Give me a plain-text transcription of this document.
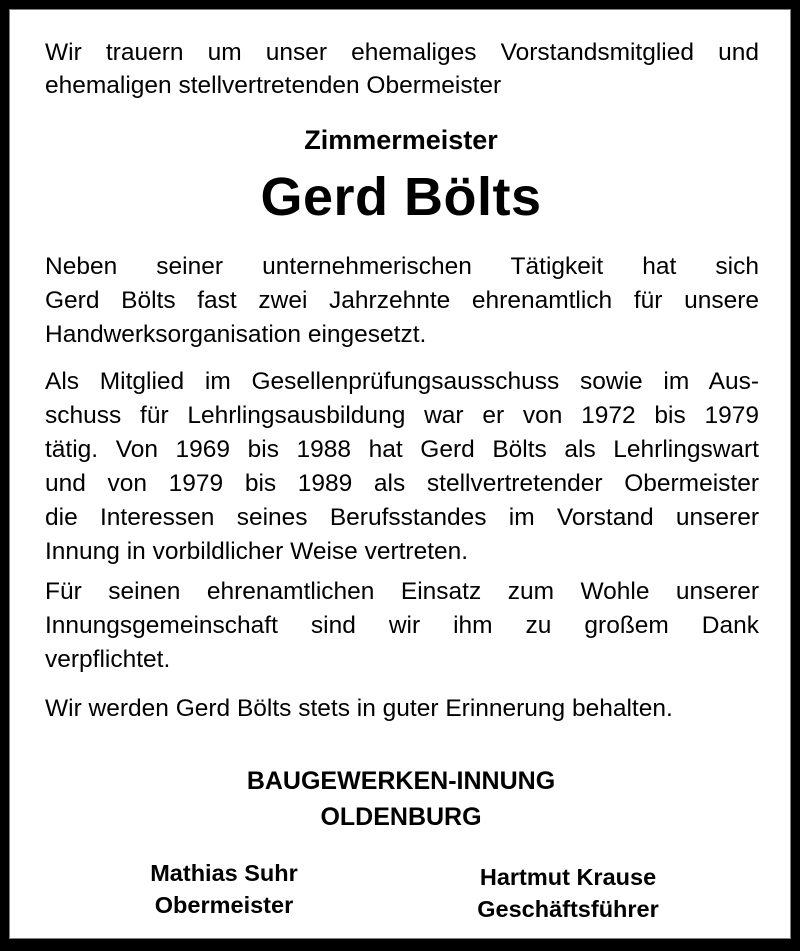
Wir trauern um unser ehemaliges Vorstandsmitglied und
ehemaligen stellvertretenden Obermeister
Zimmermeister
Gerd Bölts
Neben seiner unternehmerischen Tätigkeit hat sich
Gerd Bölts fast zwei Jahrzehnte ehrenamtlich für unsere
Handwerksorganisation eingesetzt.
Als Mitglied im Gesellenprüfungsausschuss sowie im Aus-
schuss für Lehrlingsausbildung war er von 1972 bis 1979
tätig. Von 1969 bis 1988 hat Gerd Bölts als Lehrlingswart
und von 1979 bis 1989 als stellvertretender Obermeister
die Interessen seines Berufsstandes im Vorstand unserer
Innung in vorbildlicher Weise vertreten.
Für seinen ehrenamtlichen Einsatz zum Wohle unserer
Innungsgemeinschaft sind wir ihm zu großem Dank
verpflichtet.
Wir werden Gerd Bölts stets in guter Erinnerung behalten.
BAUGEWERKEN-INNUNG
OLDENBURG
Mathias Suhr
Obermeister
Hartmut Krause
Geschäftsführer
